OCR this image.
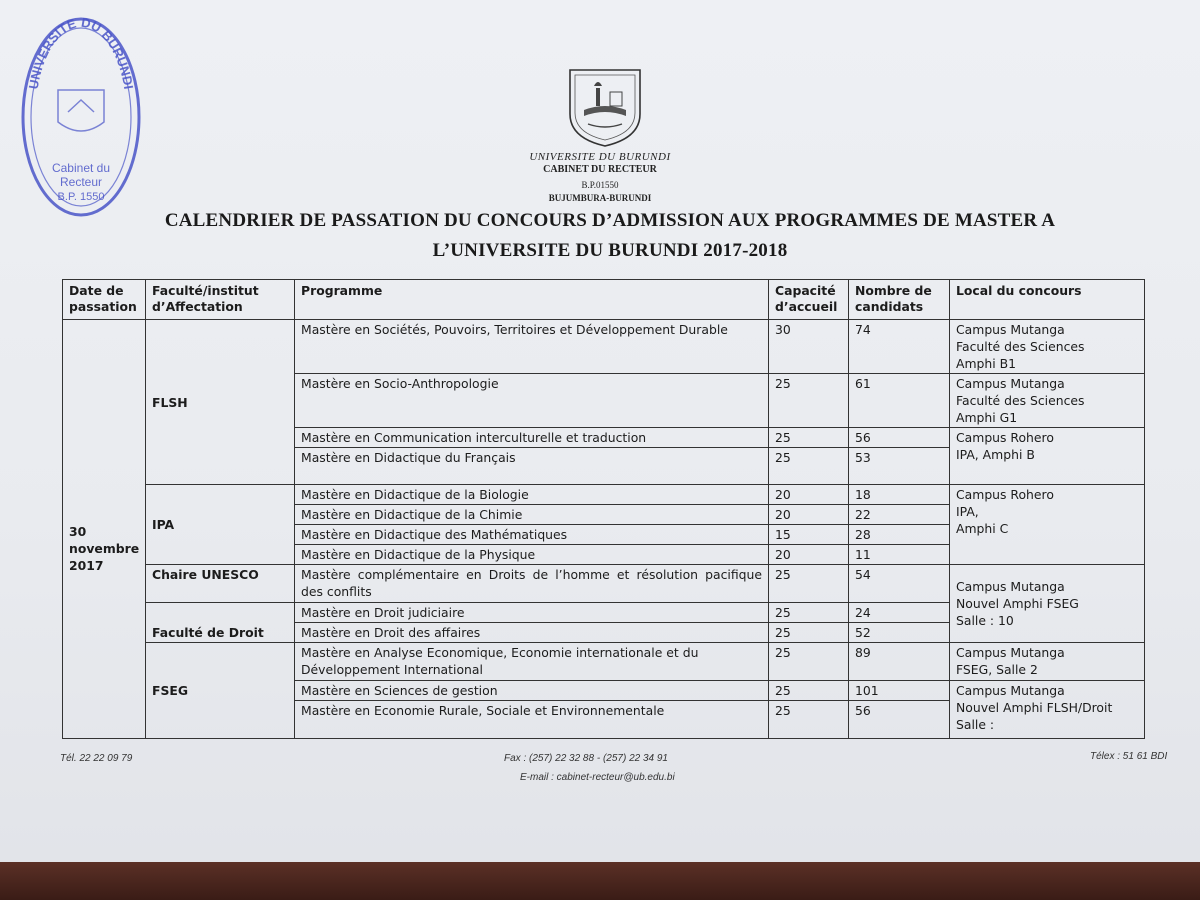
UNIVERSITE DU BURUNDI
Cabinet du
Recteur
B.P. 1550
UNIVERSITE DU BURUNDI
CABINET DU RECTEUR
B.P.01550
BUJUMBURA-BURUNDI
CALENDRIER DE PASSATION DU CONCOURS D’ADMISSION AUX PROGRAMMES DE MASTER A
L’UNIVERSITE DU BURUNDI 2017-2018
Date de
passation	Faculté/institut
d’Affectation	Programme	Capacité
d’accueil	Nombre de
candidats	Local du concours
30
novembre
2017	FLSH	Mastère en Sociétés, Pouvoirs, Territoires et Développement Durable	30	74	Campus Mutanga
Faculté des Sciences
Amphi B1
		Mastère en Socio-Anthropologie	25	61	Campus Mutanga
Faculté des Sciences
Amphi G1
		Mastère en Communication interculturelle et traduction	25	56	Campus Rohero
IPA, Amphi B
		Mastère en Didactique du Français	25	53	
	IPA	Mastère en Didactique de la Biologie	20	18	Campus Rohero
IPA,
Amphi C
		Mastère en Didactique de la Chimie	20	22	
		Mastère en Didactique des Mathématiques	15	28	
		Mastère en Didactique de la Physique	20	11	
	Chaire UNESCO	Mastère complémentaire en Droits de l’homme et résolution pacifique des conflits	25	54	Campus Mutanga
Nouvel Amphi FSEG
Salle : 10
	Faculté de Droit	Mastère en Droit judiciaire	25	24	
		Mastère en Droit des affaires	25	52	
	FSEG	Mastère en Analyse Economique, Economie internationale et du Développement International	25	89	Campus Mutanga
FSEG, Salle 2
		Mastère en Sciences de gestion	25	101	Campus Mutanga
Nouvel Amphi FLSH/Droit
Salle :
		Mastère en Economie Rurale, Sociale et Environnementale	25	56	
Tél. 22 22 09 79	Fax : (257) 22 32 88 - (257) 22 34 91	Télex : 51 61 BDI
E-mail : cabinet-recteur@ub.edu.bi
